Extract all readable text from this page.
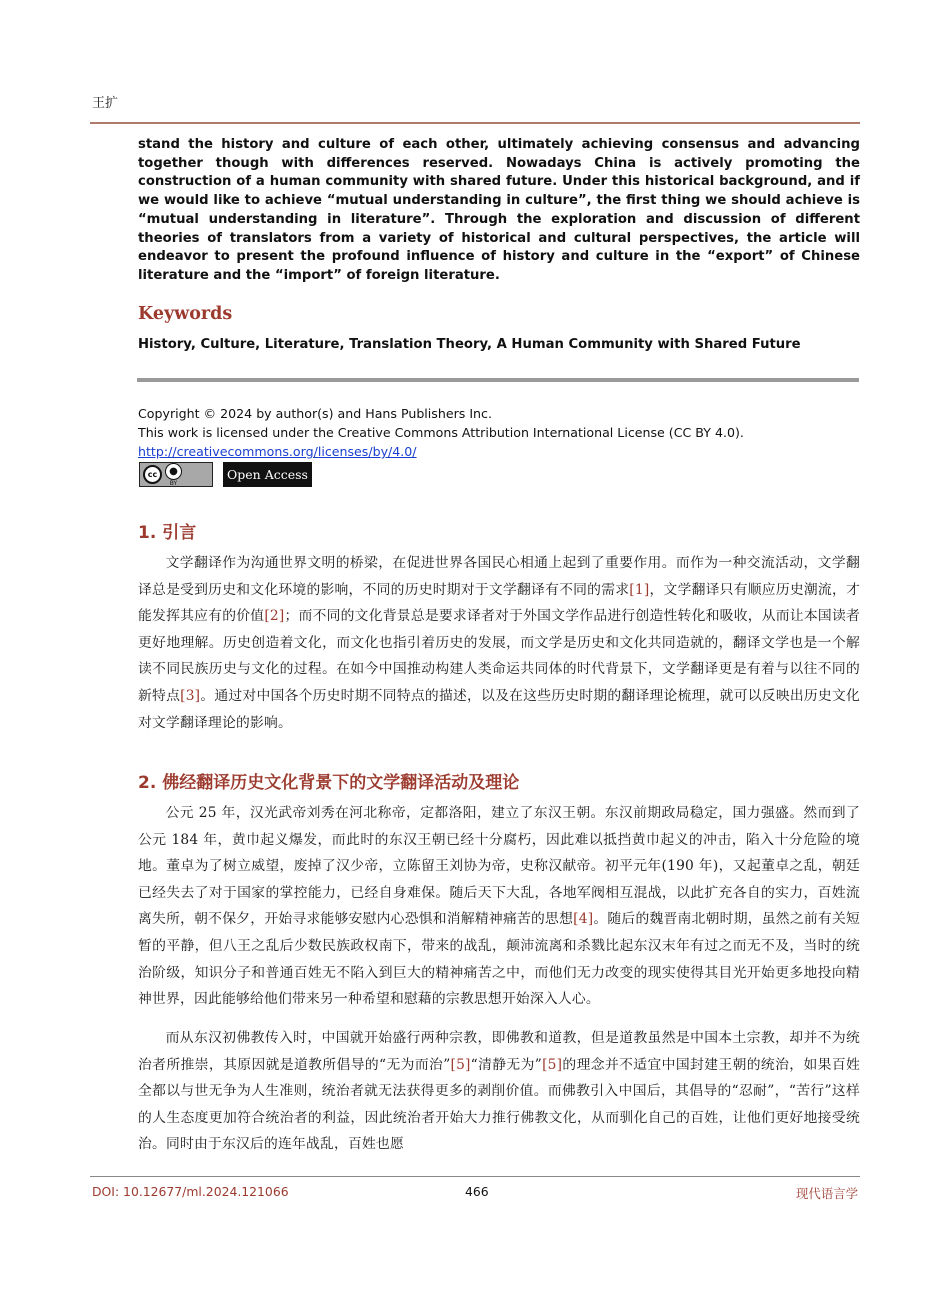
王扩
stand the history and culture of each other, ultimately achieving consensus and advancing together though with differences reserved. Nowadays China is actively promoting the construction of a human community with shared future. Under this historical background, and if we would like to achieve “mutual understanding in culture”, the first thing we should achieve is “mutual understanding in literature”. Through the exploration and discussion of different theories of translators from a variety of historical and cultural perspectives, the article will endeavor to present the profound influence of history and culture in the “export” of Chinese literature and the “import” of foreign literature.
Keywords
History, Culture, Literature, Translation Theory, A Human Community with Shared Future
Copyright © 2024 by author(s) and Hans Publishers Inc.
This work is licensed under the Creative Commons Attribution International License (CC BY 4.0).
http://creativecommons.org/licenses/by/4.0/
cc	●
BY
Open Access
1. 引言
文学翻译作为沟通世界文明的桥梁，在促进世界各国民心相通上起到了重要作用。而作为一种交流活动，文学翻译总是受到历史和文化环境的影响，不同的历史时期对于文学翻译有不同的需求[1]，文学翻译只有顺应历史潮流，才能发挥其应有的价值[2]；而不同的文化背景总是要求译者对于外国文学作品进行创造性转化和吸收，从而让本国读者更好地理解。历史创造着文化，而文化也指引着历史的发展，而文学是历史和文化共同造就的，翻译文学也是一个解读不同民族历史与文化的过程。在如今中国推动构建人类命运共同体的时代背景下，文学翻译更是有着与以往不同的新特点[3]。通过对中国各个历史时期不同特点的描述，以及在这些历史时期的翻译理论梳理，就可以反映出历史文化对文学翻译理论的影响。
2. 佛经翻译历史文化背景下的文学翻译活动及理论
公元 25 年，汉光武帝刘秀在河北称帝，定都洛阳，建立了东汉王朝。东汉前期政局稳定，国力强盛。然而到了公元 184 年，黄巾起义爆发，而此时的东汉王朝已经十分腐朽，因此难以抵挡黄巾起义的冲击，陷入十分危险的境地。董卓为了树立威望，废掉了汉少帝，立陈留王刘协为帝，史称汉献帝。初平元年(190 年)，又起董卓之乱，朝廷已经失去了对于国家的掌控能力，已经自身难保。随后天下大乱，各地军阀相互混战，以此扩充各自的实力，百姓流离失所，朝不保夕，开始寻求能够安慰内心恐惧和消解精神痛苦的思想[4]。随后的魏晋南北朝时期，虽然之前有关短暂的平静，但八王之乱后少数民族政权南下，带来的战乱，颠沛流离和杀戮比起东汉末年有过之而无不及，当时的统治阶级，知识分子和普通百姓无不陷入到巨大的精神痛苦之中，而他们无力改变的现实使得其目光开始更多地投向精神世界，因此能够给他们带来另一种希望和慰藉的宗教思想开始深入人心。
而从东汉初佛教传入时，中国就开始盛行两种宗教，即佛教和道教，但是道教虽然是中国本土宗教，却并不为统治者所推崇，其原因就是道教所倡导的“无为而治”[5]“清静无为”[5]的理念并不适宜中国封建王朝的统治，如果百姓全都以与世无争为人生准则，统治者就无法获得更多的剥削价值。而佛教引入中国后，其倡导的“忍耐”，“苦行”这样的人生态度更加符合统治者的利益，因此统治者开始大力推行佛教文化，从而驯化自己的百姓，让他们更好地接受统治。同时由于东汉后的连年战乱，百姓也愿
DOI: 10.12677/ml.2024.121066	466	现代语言学
